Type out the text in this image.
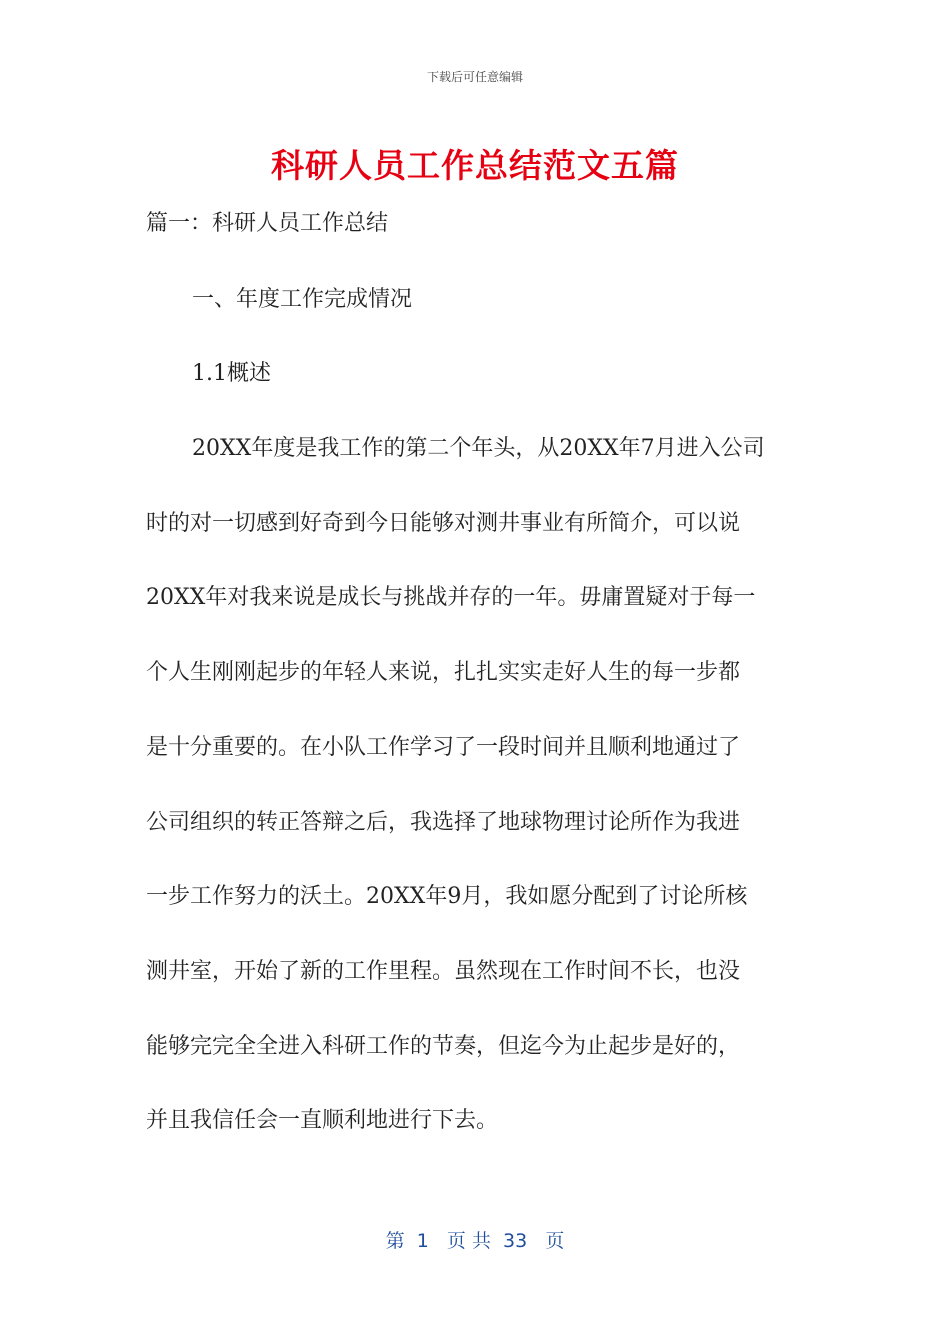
下载后可任意编辑
科研人员工作总结范文五篇
篇一：科研人员工作总结
一、年度工作完成情况
1.1概述
20XX年度是我工作的第二个年头，从20XX年7月进入公司
时的对一切感到好奇到今日能够对测井事业有所简介，可以说
20XX年对我来说是成长与挑战并存的一年。毋庸置疑对于每一
个人生刚刚起步的年轻人来说，扎扎实实走好人生的每一步都
是十分重要的。在小队工作学习了一段时间并且顺利地通过了
公司组织的转正答辩之后，我选择了地球物理讨论所作为我进
一步工作努力的沃土。20XX年9月，我如愿分配到了讨论所核
测井室，开始了新的工作里程。虽然现在工作时间不长，也没
能够完完全全进入科研工作的节奏，但迄今为止起步是好的，
并且我信任会一直顺利地进行下去。
第  1   页 共  33   页
